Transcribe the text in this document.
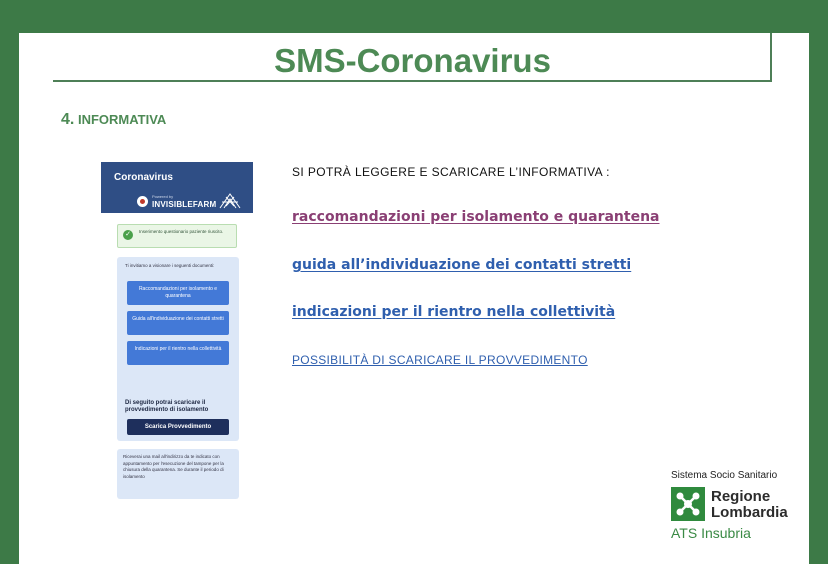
SMS-Coronavirus
4. INFORMATIVA
Coronavirus
Powered by
INVISIBLEFARM
✓	Inserimento questionario paziente riuscito.
Ti invitiamo a visionare i seguenti documenti:
Raccomandazioni per isolamento e quarantena
Guida all'individuazione dei contatti stretti
Indicazioni per il rientro nella collettività
Di seguito potrai scaricare il provvedimento di isolamento
Scarica Provvedimento
Riceverai una mail all'indirizzo da te indicato con appuntamento per l'esecuzione del tampone per la chiusura della quarantena. Se durante il periodo di isolamento
SI POTRÀ LEGGERE E SCARICARE L’INFORMATIVA :
raccomandazioni per isolamento e quarantena
guida all’individuazione dei contatti stretti
indicazioni per il rientro nella collettività
POSSIBILITÀ DI SCARICARE IL PROVVEDIMENTO
Sistema Socio Sanitario
Regione
Lombardia
ATS Insubria
